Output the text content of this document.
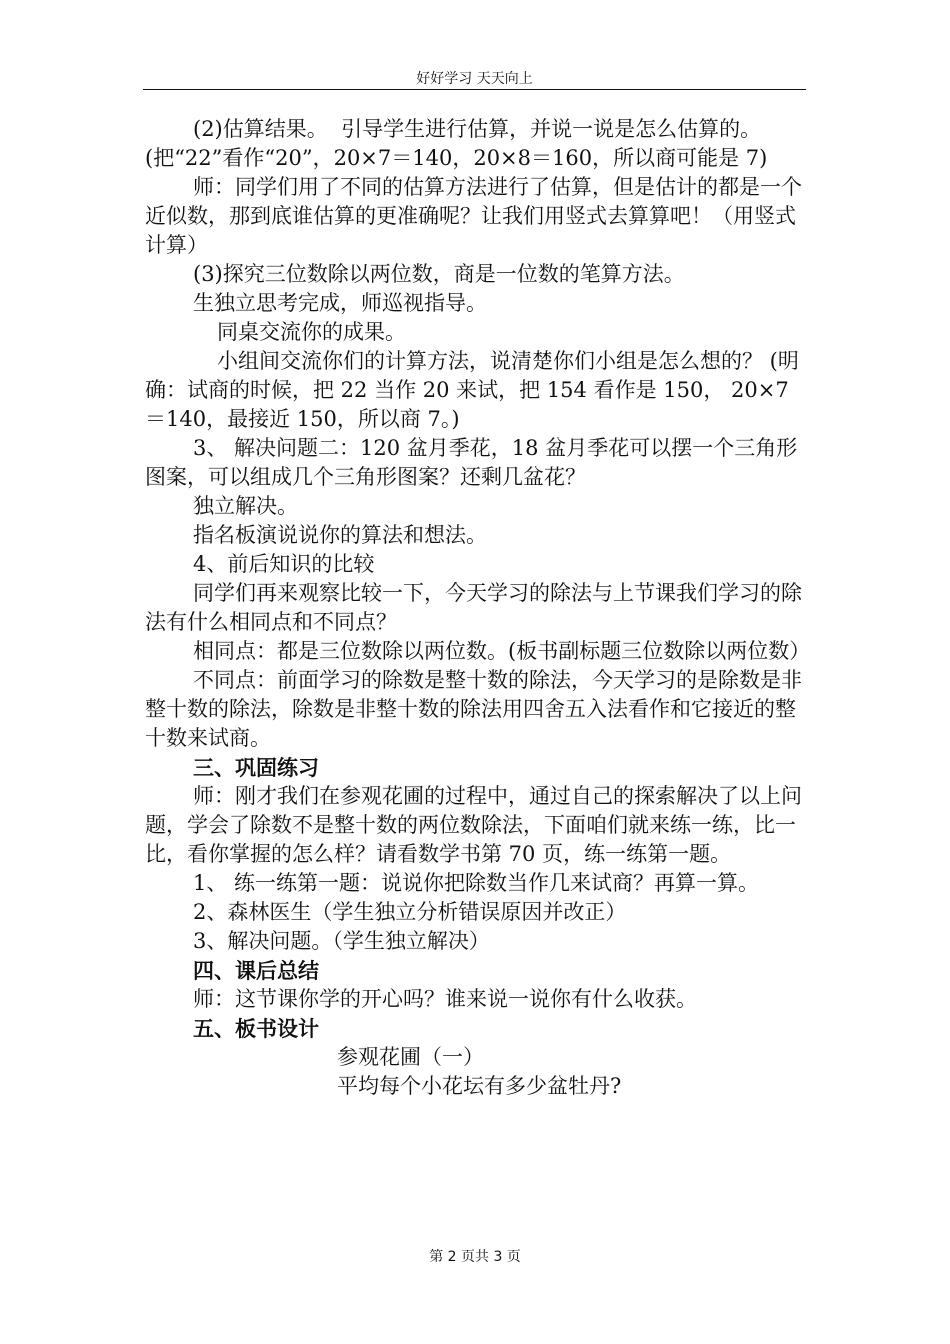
好好学习 天天向上

(2)估算结果。  引导学生进行估算，并说一说是怎么估算的。 (把“22”看作“20”，20×7＝140，20×8＝160，所以商可能是 7)

师：同学们用了不同的估算方法进行了估算，但是估计的都是一个近似数，那到底谁估算的更准确呢？让我们用竖式去算算吧！（用竖式计算）

(3)探究三位数除以两位数，商是一位数的笔算方法。

生独立思考完成，师巡视指导。

同桌交流你的成果。

小组间交流你们的计算方法，说清楚你们小组是怎么想的？ (明确：试商的时候，把 22 当作 20 来试，把 154 看作是 150， 20×7＝140，最接近 150，所以商 7。)

3、 解决问题二：120 盆月季花，18 盆月季花可以摆一个三角形图案，可以组成几个三角形图案？还剩几盆花？

独立解决。

指名板演说说你的算法和想法。

4、前后知识的比较

同学们再来观察比较一下，今天学习的除法与上节课我们学习的除法有什么相同点和不同点？

相同点：都是三位数除以两位数。(板书副标题三位数除以两位数）

不同点：前面学习的除数是整十数的除法，今天学习的是除数是非整十数的除法，除数是非整十数的除法用四舍五入法看作和它接近的整十数来试商。

三、巩固练习

师：刚才我们在参观花圃的过程中，通过自己的探索解决了以上问题，学会了除数不是整十数的两位数除法，下面咱们就来练一练，比一比，看你掌握的怎么样？请看数学书第 70 页，练一练第一题。

1、 练一练第一题：说说你把除数当作几来试商？再算一算。

2、森林医生（学生独立分析错误原因并改正）

3、解决问题。（学生独立解决）

四、课后总结

师：这节课你学的开心吗？谁来说一说你有什么收获。

五、板书设计

参观花圃（一）

平均每个小花坛有多少盆牡丹?

第 2 页共 3 页
